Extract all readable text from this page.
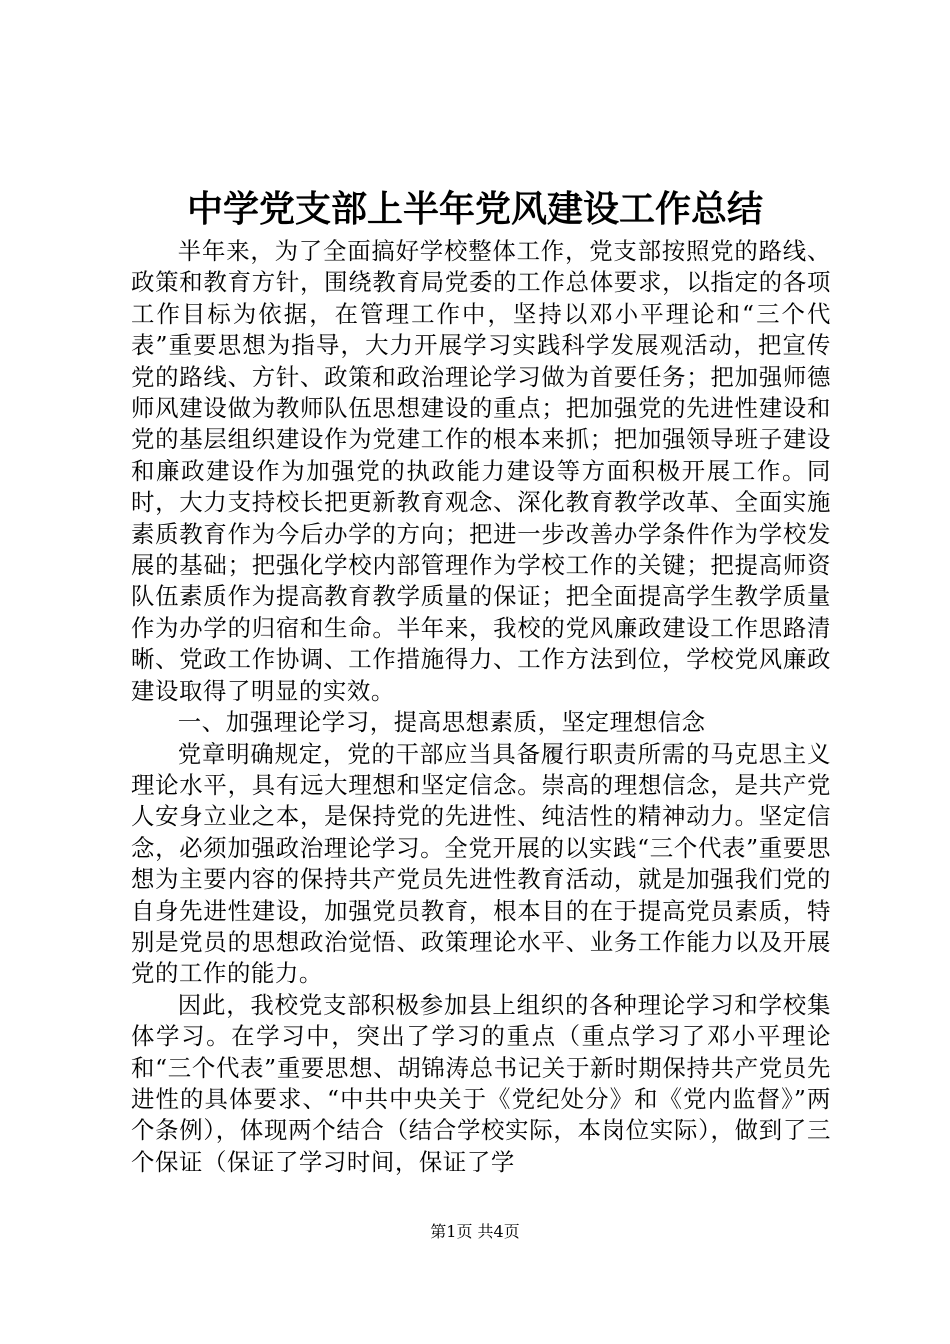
中学党支部上半年党风建设工作总结

半年来，为了全面搞好学校整体工作，党支部按照党的路线、政策和教育方针，围绕教育局党委的工作总体要求，以指定的各项工作目标为依据，在管理工作中，坚持以邓小平理论和“三个代表”重要思想为指导，大力开展学习实践科学发展观活动，把宣传党的路线、方针、政策和政治理论学习做为首要任务；把加强师德师风建设做为教师队伍思想建设的重点；把加强党的先进性建设和党的基层组织建设作为党建工作的根本来抓；把加强领导班子建设和廉政建设作为加强党的执政能力建设等方面积极开展工作。同时，大力支持校长把更新教育观念、深化教育教学改革、全面实施素质教育作为今后办学的方向；把进一步改善办学条件作为学校发展的基础；把强化学校内部管理作为学校工作的关键；把提高师资队伍素质作为提高教育教学质量的保证；把全面提高学生教学质量作为办学的归宿和生命。半年来，我校的党风廉政建设工作思路清晰、党政工作协调、工作措施得力、工作方法到位，学校党风廉政建设取得了明显的实效。

一、加强理论学习，提高思想素质，坚定理想信念

党章明确规定，党的干部应当具备履行职责所需的马克思主义理论水平，具有远大理想和坚定信念。崇高的理想信念，是共产党人安身立业之本，是保持党的先进性、纯洁性的精神动力。坚定信念，必须加强政治理论学习。全党开展的以实践“三个代表”重要思想为主要内容的保持共产党员先进性教育活动，就是加强我们党的自身先进性建设，加强党员教育，根本目的在于提高党员素质，特别是党员的思想政治觉悟、政策理论水平、业务工作能力以及开展党的工作的能力。

因此，我校党支部积极参加县上组织的各种理论学习和学校集体学习。在学习中，突出了学习的重点（重点学习了邓小平理论和“三个代表”重要思想、胡锦涛总书记关于新时期保持共产党员先进性的具体要求、“中共中央关于《党纪处分》和《党内监督》”两个条例），体现两个结合（结合学校实际，本岗位实际），做到了三个保证（保证了学习时间，保证了学

第1页 共4页
